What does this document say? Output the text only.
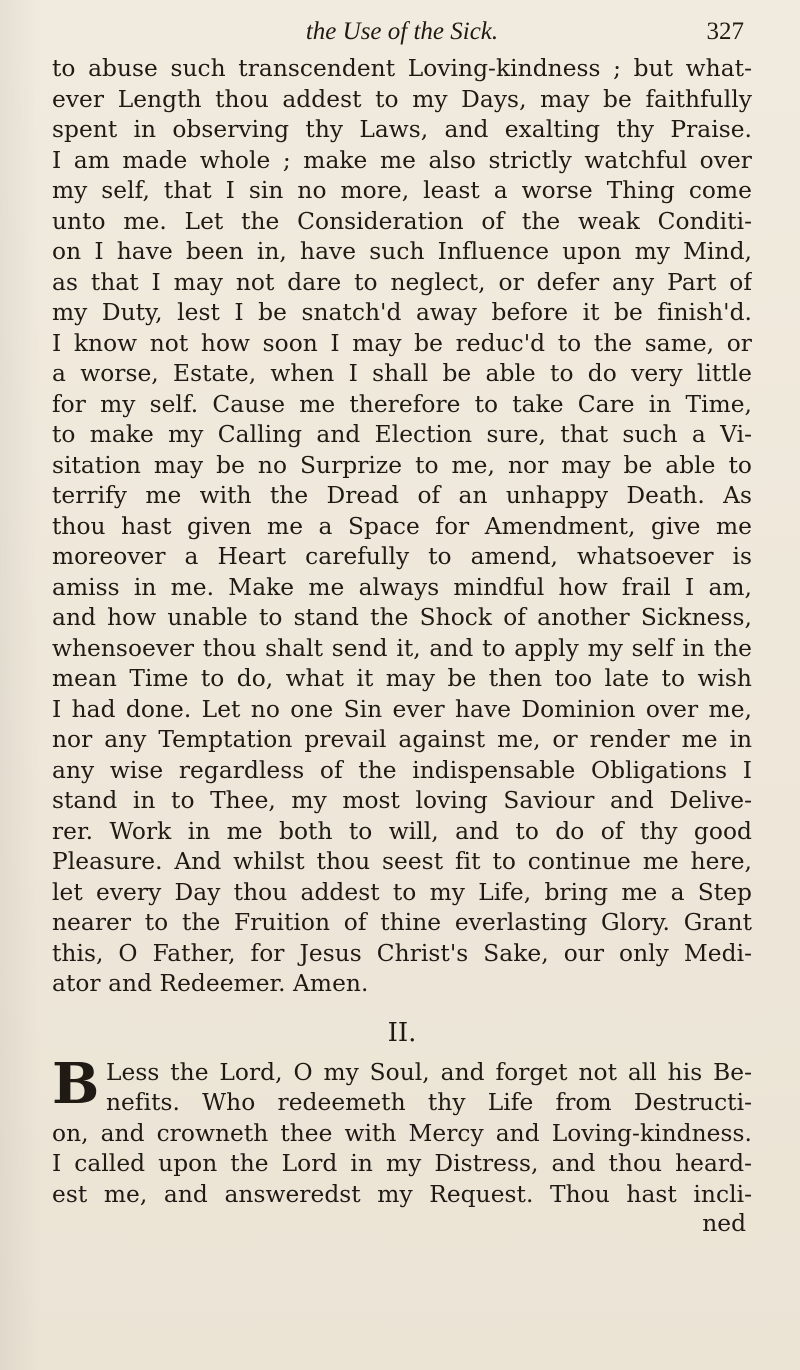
the Use of the Sick.	327
to abuse such transcendent Loving-kindness ; but what-
ever Length thou addest to my Days, may be faithfully
spent in observing thy Laws, and exalting thy Praise.
I am made whole ; make me also strictly watchful over
my self, that I sin no more, least a worse Thing come
unto me. Let the Consideration of the weak Conditi-
on I have been in, have such Influence upon my Mind,
as that I may not dare to neglect, or defer any Part of
my Duty, lest I be snatch'd away before it be finish'd.
I know not how soon I may be reduc'd to the same, or
a worse, Estate, when I shall be able to do very little
for my self. Cause me therefore to take Care in Time,
to make my Calling and Election sure, that such a Vi-
sitation may be no Surprize to me, nor may be able to
terrify me with the Dread of an unhappy Death. As
thou hast given me a Space for Amendment, give me
moreover a Heart carefully to amend, whatsoever is
amiss in me. Make me always mindful how frail I am,
and how unable to stand the Shock of another Sickness,
whensoever thou shalt send it, and to apply my self in the
mean Time to do, what it may be then too late to wish
I had done. Let no one Sin ever have Dominion over me,
nor any Temptation prevail against me, or render me in
any wise regardless of the indispensable Obligations I
stand in to Thee, my most loving Saviour and Delive-
rer. Work in me both to will, and to do of thy good
Pleasure. And whilst thou seest fit to continue me here,
let every Day thou addest to my Life, bring me a Step
nearer to the Fruition of thine everlasting Glory. Grant
this, O Father, for Jesus Christ's Sake, our only Medi-
ator and Redeemer. Amen.
II.
B Less the Lord, O my Soul, and forget not all his Be-
nefits. Who redeemeth thy Life from Destructi-
on, and crowneth thee with Mercy and Loving-kindness.
I called upon the Lord in my Distress, and thou heard-
est me, and answeredst my Request. Thou hast incli-
ned
